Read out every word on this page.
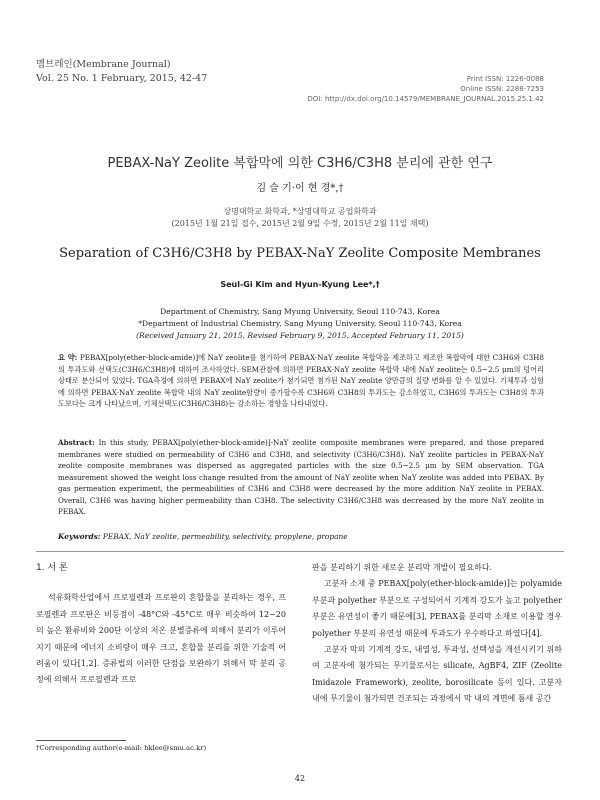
멤브레인(Membrane Journal)
Vol. 25 No. 1 February, 2015, 42-47	Print ISSN: 1226-0088
Online ISSN: 2288-7253
DOI: http://dx.doi.org/10.14579/MEMBRANE_JOURNAL.2015.25.1.42
PEBAX-NaY Zeolite 복합막에 의한 C3H6/C3H8 분리에 관한 연구
김 슬 기·이 현 경*,†
상명대학교 화학과, *상명대학교 공업화학과
(2015년 1월 21일 접수, 2015년 2월 9일 수정, 2015년 2월 11일 채택)
Separation of C3H6/C3H8 by PEBAX-NaY Zeolite Composite Membranes
Seul-Gi Kim and Hyun-Kyung Lee*,†
Department of Chemistry, Sang Myung University, Seoul 110-743, Korea
*Department of Industrial Chemistry, Sang Myung University, Seoul 110-743, Korea
(Received January 21, 2015, Revised February 9, 2015, Accepted February 11, 2015)
요 약: PEBAX[poly(ether-block-amide)]에 NaY zeolite를 첨가하여 PEBAX-NaY zeolite 복합막을 제조하고 제조한 복합막에 대한 C3H6와 C3H8의 투과도와 선택도(C3H6/C3H8)에 대하여 조사하였다. SEM관찰에 의하면 PEBAX-NaY zeolite 복합막 내에 NaY zeolite는 0.5~2.5 μm의 덩어리 상태로 분산되어 있었다. TGA측정에 의하면 PEBAX에 NaY zeolite가 첨가되면 첨가된 NaY zeolite 양만큼의 질량 변화를 알 수 있었다. 기체투과 실험에 의하면 PEBAX-NaY zeolite 복합막 내의 NaY zeolite함량이 증가할수록 C3H6와 C3H8의 투과도는 감소하였고, C3H6의 투과도는 C3H8의 투과도보다는 크게 나타났으며, 기체선택도(C3H6/C3H8)는 감소하는 경향을 나타내었다.
Abstract: In this study, PEBAX[poly(ether-block-amide)]-NaY zeolite composite membranes were prepared, and those prepared membranes were studied on permeability of C3H6 and C3H8, and selectivity (C3H6/C3H8). NaY zeolite particles in PEBAX-NaY zeolite composite membranes was dispersed as aggregated particles with the size 0.5~2.5 μm by SEM observation. TGA measurement showed the weight loss change resulted from the amount of NaY zeolite when NaY zeolite was added into PEBAX. By gas permeation experiment, the permeabilities of C3H6 and C3H8 were decreased by the more addition NaY zeolite in PEBAX. Overall, C3H6 was having higher permeability than C3H8. The selectivity C3H6/C3H8 was decreased by the more NaY zeolite in PEBAX.
Keywords: PEBAX, NaY zeolite, permeability, selectivity, propylene, propane
1. 서 론

석유화학산업에서 프로필렌과 프로판의 혼합물을 분리하는 경우, 프로필렌과 프로판은 비등점이 -48°C와 -45°C로 매우 비슷하여 12~20의 높은 환류비와 200단 이상의 저온 분별증류에 의해서 분리가 이루어지기 때문에 에너지 소비량이 매우 크고, 혼합물 분리를 위한 기술적 어려움이 있다[1,2]. 증류법의 이러한 단점을 보완하기 위해서 막 분리 공정에 의해서 프로필렌과 프로

판을 분리하기 위한 새로운 분리막 개발이 필요하다.

고분자 소재 중 PEBAX[poly(ether-block-amide)]는 polyamide 부분과 polyether 부분으로 구성되어서 기계적 강도가 높고 polyether 부분은 유연성이 좋기 때문에[3], PEBAX를 분리막 소재로 이용할 경우 polyether 부분의 유연성 때문에 투과도가 우수하다고 하였다[4].

고분자 막의 기계적 강도, 내열성, 투과성, 선택성을 개선시키기 위하여 고분자에 첨가되는 무기물로서는 silicate, AgBF4, ZIF (Zeolite Imidazole Framework), zeolite, borosilicate 등이 있다. 고분자 내에 무기물이 첨가되면 건조되는 과정에서 막 내의 계면에 틈새 공간

†Corresponding author(e-mail: hklee@smu.ac.kr)
42
